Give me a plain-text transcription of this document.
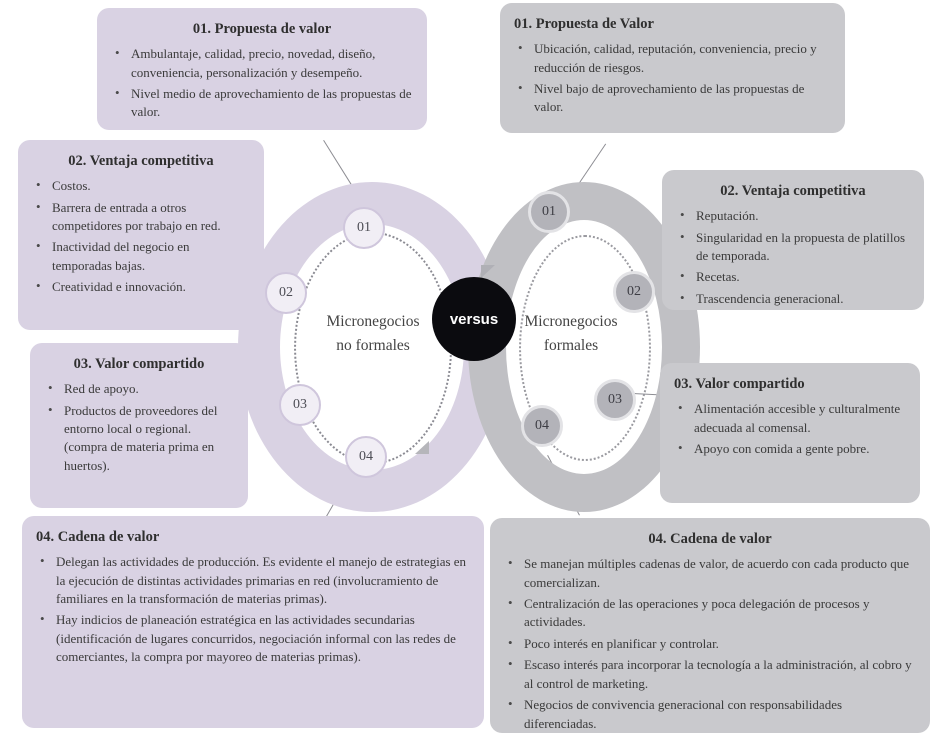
Micronegocios
no formales
Micronegocios
formales
versus
01
02
03
04
01
02
03
04
01. Propuesta de valor
• Ambulantaje, calidad, precio, novedad, diseño, conveniencia, personalización y desempeño.
• Nivel medio de aprovechamiento de las propuestas de valor.
02. Ventaja competitiva
• Costos.
• Barrera de entrada a otros competidores por trabajo en red.
• Inactividad del negocio en temporadas bajas.
• Creatividad e innovación.
03. Valor compartido
• Red de apoyo.
• Productos de proveedores del entorno local o regional. (compra de materia prima en huertos).
04. Cadena de valor
• Delegan las actividades de producción. Es evidente el manejo de estrategias en la ejecución de distintas actividades primarias en red (involucramiento de familiares en la transformación de materias primas).
• Hay indicios de planeación estratégica en las actividades secundarias (identificación de lugares concurridos, negociación informal con las redes de comerciantes, la compra por mayoreo de materias primas).
01. Propuesta de Valor
• Ubicación, calidad, reputación, conveniencia, precio y reducción de riesgos.
• Nivel bajo de aprovechamiento de las propuestas de valor.
02. Ventaja competitiva
• Reputación.
• Singularidad en la propuesta de platillos de temporada.
• Recetas.
• Trascendencia generacional.
03. Valor compartido
• Alimentación accesible y culturalmente adecuada al comensal.
• Apoyo con comida a gente pobre.
04. Cadena de valor
• Se manejan múltiples cadenas de valor, de acuerdo con cada producto que comercializan.
• Centralización de las operaciones y poca delegación de procesos y actividades.
• Poco interés en planificar y controlar.
• Escaso interés para incorporar la tecnología a la administración, al cobro y al control de marketing.
• Negocios de convivencia generacional con responsabilidades diferenciadas.
